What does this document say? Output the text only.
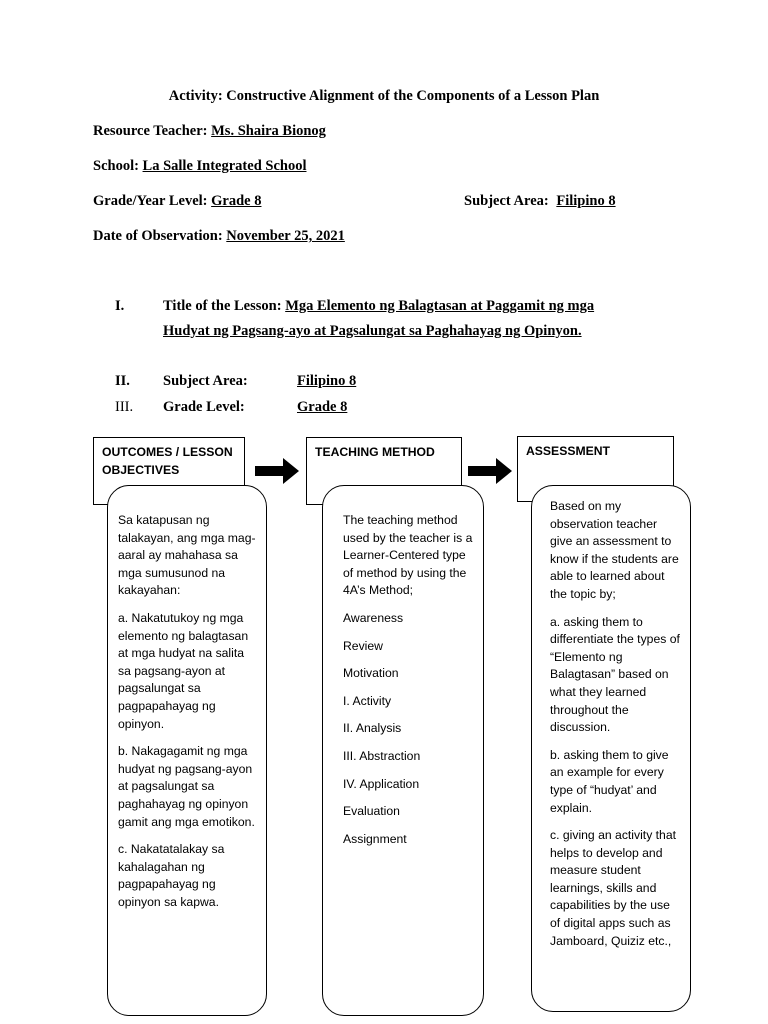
Activity: Constructive Alignment of the Components of a Lesson Plan
Resource Teacher: Ms. Shaira Bionog
School: La Salle Integrated School
Grade/Year Level: Grade 8	Subject Area: Filipino 8
Date of Observation: November 25, 2021
I.	Title of the Lesson: Mga Elemento ng Balagtasan at Paggamit ng mga
Hudyat ng Pagsang-ayo at Pagsalungat sa Paghahayag ng Opinyon.
II. Subject Area:	Filipino 8
III. Grade Level:	Grade 8
OUTCOMES / LESSON
OBJECTIVES
TEACHING METHOD	ASSESSMENT

Sa katapusan ng talakayan, ang mga mag-aaral ay mahahasa sa mga sumusunod na kakayahan:

a. Nakatutukoy ng mga elemento ng balagtasan at mga hudyat na salita sa pagsang-ayon at pagsalungat sa pagpapahayag ng opinyon.

b. Nakagagamit ng mga hudyat ng pagsang-ayon at pagsalungat sa paghahayag ng opinyon gamit ang mga emotikon.

c. Nakatatalakay sa kahalagahan ng pagpapahayag ng opinyon sa kapwa.

The teaching method used by the teacher is a Learner-Centered type of method by using the 4A’s Method;

Awareness

Review

Motivation

I. Activity

II. Analysis

III. Abstraction

IV. Application

Evaluation

Assignment

Based on my observation teacher give an assessment to know if the students are able to learned about the topic by;

a. asking them to differentiate the types of “Elemento ng Balagtasan” based on what they learned throughout the discussion.

b. asking them to give an example for every type of “hudyat’ and explain.

c. giving an activity that helps to develop and measure student learnings, skills and capabilities by the use of digital apps such as Jamboard, Quiziz etc.,
